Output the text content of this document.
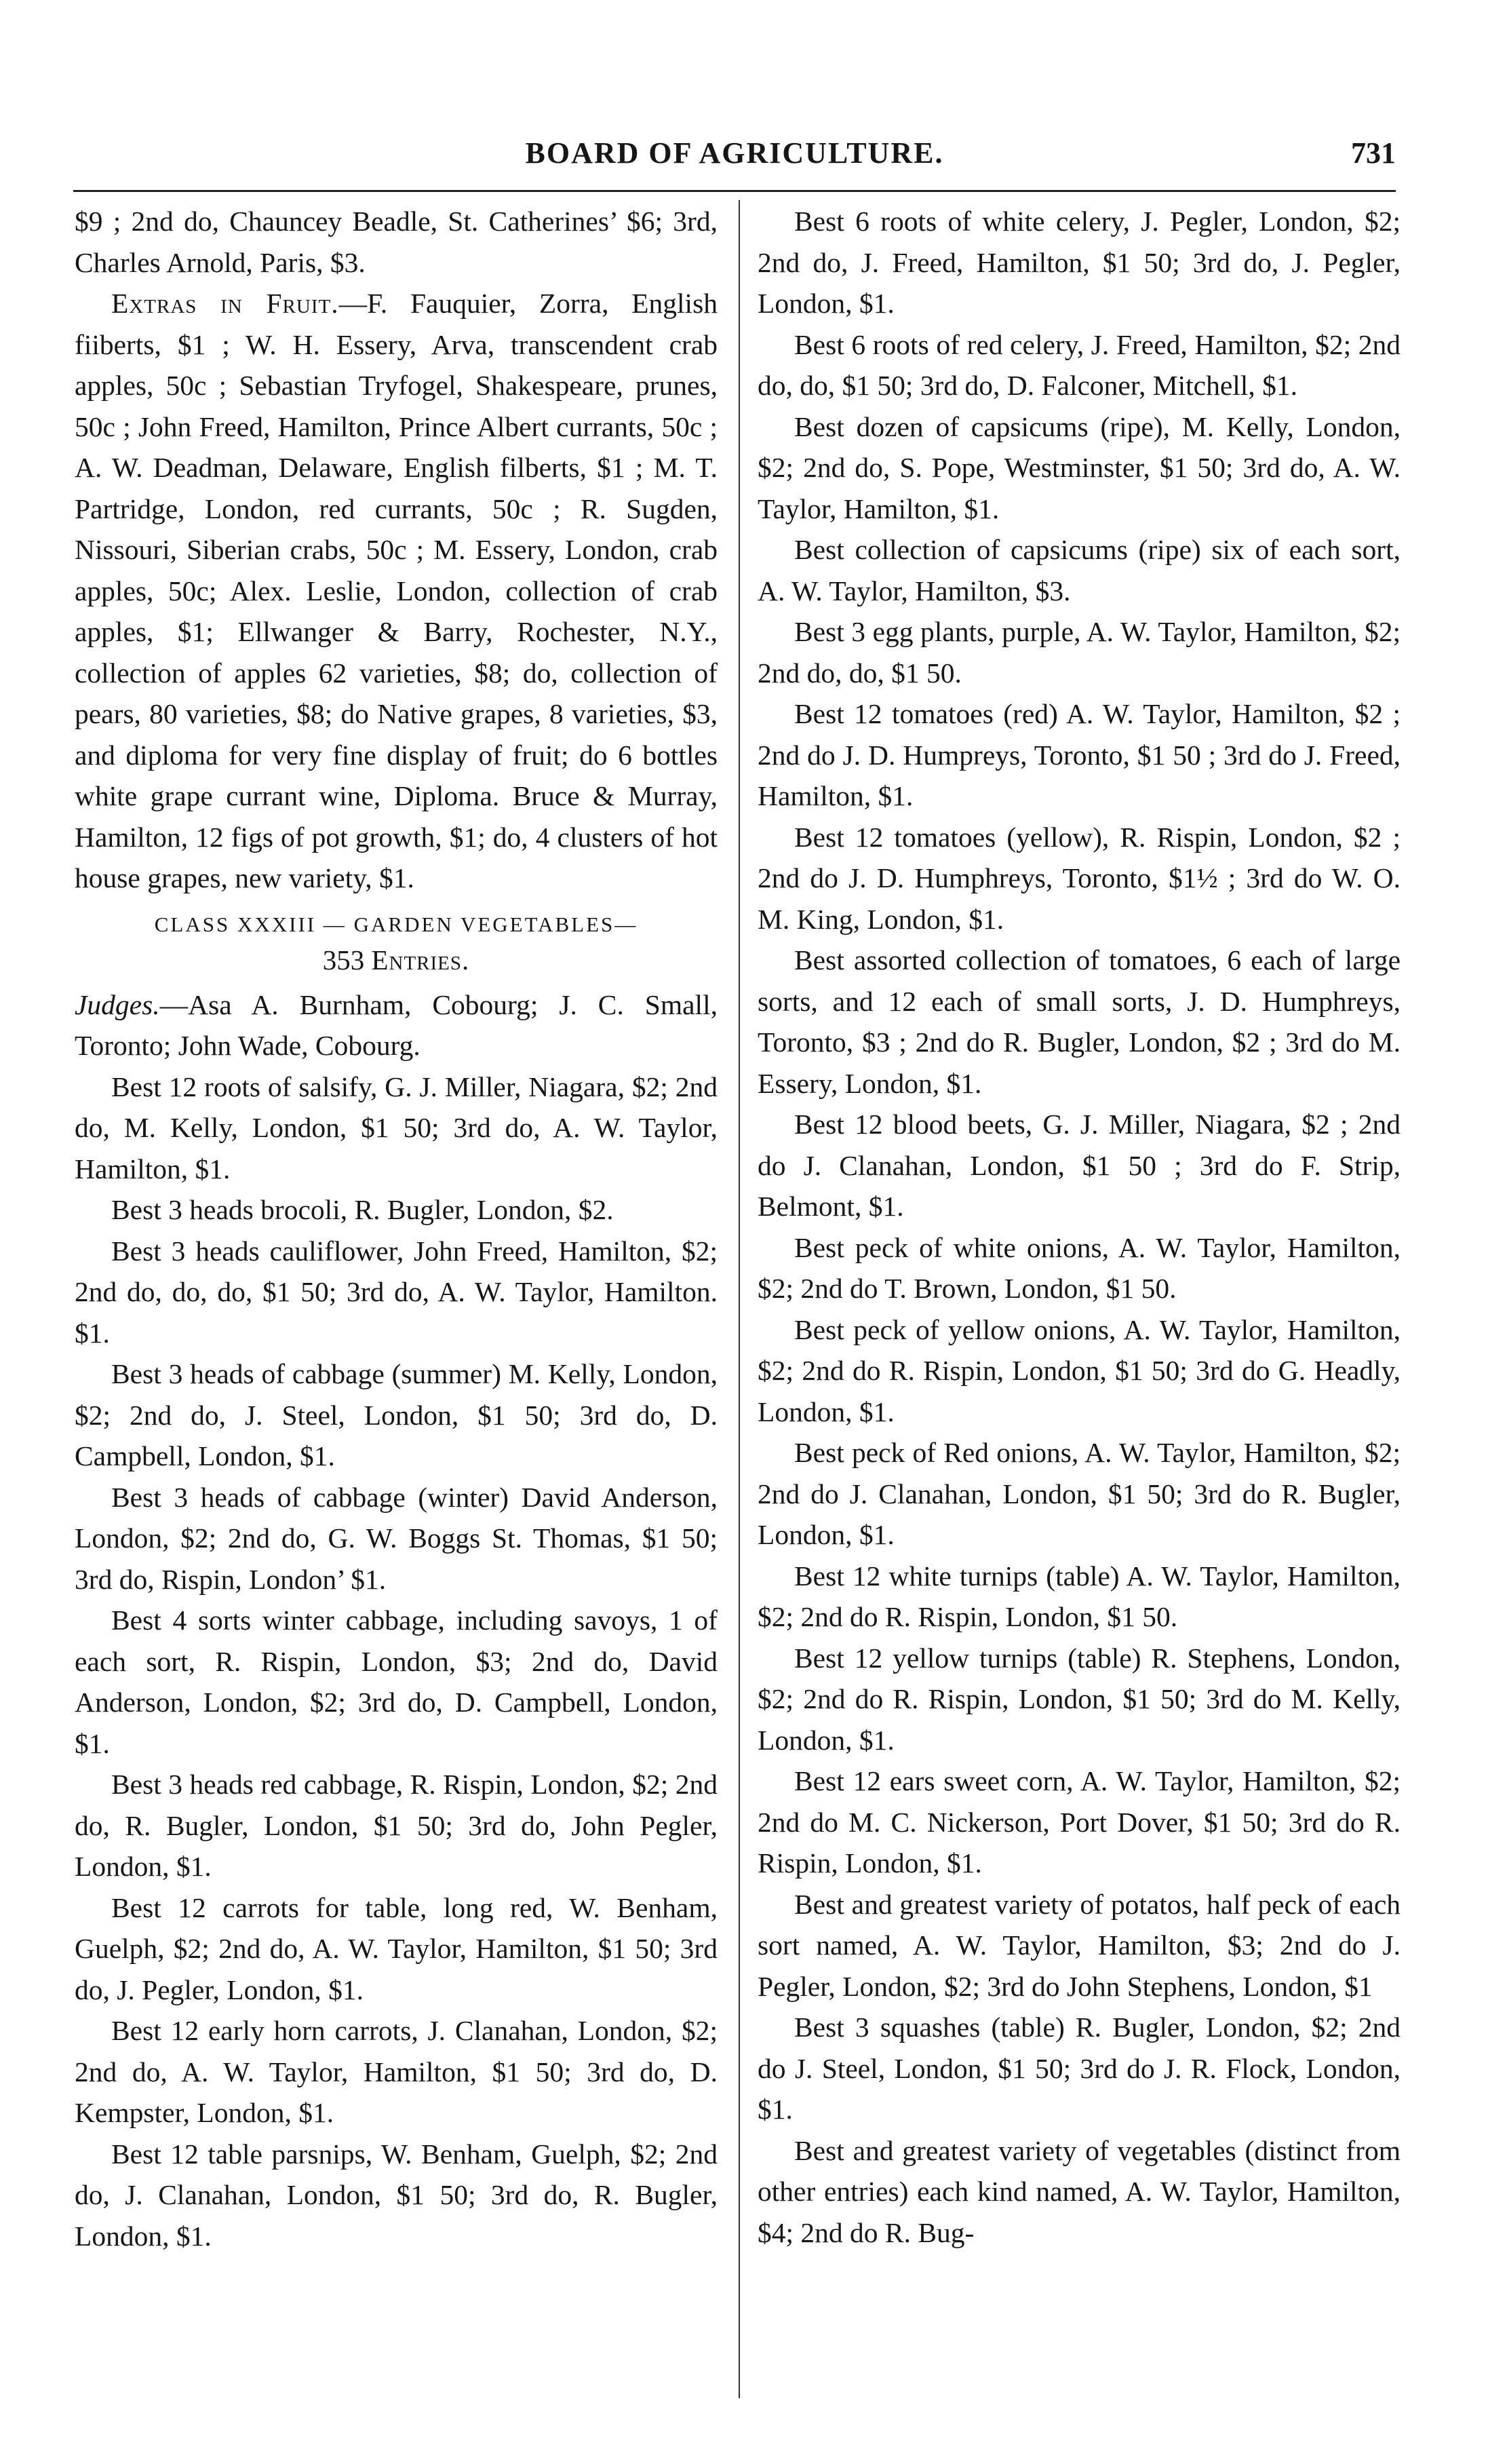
BOARD OF AGRICULTURE.	731

$9 ; 2nd do, Chauncey Beadle, St. Catherines’ $6; 3rd, Charles Arnold, Paris, $3.

Extras in Fruit.—F. Fauquier, Zorra, English fiiberts, $1 ; W. H. Essery, Arva, transcendent crab apples, 50c ; Sebastian Tryfogel, Shakespeare, prunes, 50c ; John Freed, Hamilton, Prince Albert currants, 50c ; A. W. Deadman, Delaware, English filberts, $1 ; M. T. Partridge, London, red currants, 50c ; R. Sugden, Nissouri, Siberian crabs, 50c ; M. Essery, London, crab apples, 50c; Alex. Leslie, London, collection of crab apples, $1; Ellwanger & Barry, Rochester, N.Y., collection of apples 62 varieties, $8; do, collection of pears, 80 varieties, $8; do Native grapes, 8 varieties, $3, and diploma for very fine display of fruit; do 6 bottles white grape currant wine, Diploma. Bruce & Murray, Hamilton, 12 figs of pot growth, $1; do, 4 clusters of hot house grapes, new variety, $1.

CLASS XXXIII — GARDEN VEGETABLES—
353 Entries.

Judges.—Asa A. Burnham, Cobourg; J. C. Small, Toronto; John Wade, Cobourg.

Best 12 roots of salsify, G. J. Miller, Niagara, $2; 2nd do, M. Kelly, London, $1 50; 3rd do, A. W. Taylor, Hamilton, $1.

Best 3 heads brocoli, R. Bugler, London, $2.

Best 3 heads cauliflower, John Freed, Hamilton, $2; 2nd do, do, do, $1 50; 3rd do, A. W. Taylor, Hamilton. $1.

Best 3 heads of cabbage (summer) M. Kelly, London, $2; 2nd do, J. Steel, London, $1 50; 3rd do, D. Campbell, London, $1.

Best 3 heads of cabbage (winter) David Anderson, London, $2; 2nd do, G. W. Boggs St. Thomas, $1 50; 3rd do, Rispin, London’ $1.

Best 4 sorts winter cabbage, including savoys, 1 of each sort, R. Rispin, London, $3; 2nd do, David Anderson, London, $2; 3rd do, D. Campbell, London, $1.

Best 3 heads red cabbage, R. Rispin, London, $2; 2nd do, R. Bugler, London, $1 50; 3rd do, John Pegler, London, $1.

Best 12 carrots for table, long red, W. Benham, Guelph, $2; 2nd do, A. W. Taylor, Hamilton, $1 50; 3rd do, J. Pegler, London, $1.

Best 12 early horn carrots, J. Clanahan, London, $2; 2nd do, A. W. Taylor, Hamilton, $1 50; 3rd do, D. Kempster, London, $1.

Best 12 table parsnips, W. Benham, Guelph, $2; 2nd do, J. Clanahan, London, $1 50; 3rd do, R. Bugler, London, $1.

Best 6 roots of white celery, J. Pegler, London, $2; 2nd do, J. Freed, Hamilton, $1 50; 3rd do, J. Pegler, London, $1.

Best 6 roots of red celery, J. Freed, Hamilton, $2; 2nd do, do, $1 50; 3rd do, D. Falconer, Mitchell, $1.

Best dozen of capsicums (ripe), M. Kelly, London, $2; 2nd do, S. Pope, Westminster, $1 50; 3rd do, A. W. Taylor, Hamilton, $1.

Best collection of capsicums (ripe) six of each sort, A. W. Taylor, Hamilton, $3.

Best 3 egg plants, purple, A. W. Taylor, Hamilton, $2; 2nd do, do, $1 50.

Best 12 tomatoes (red) A. W. Taylor, Hamilton, $2 ; 2nd do J. D. Humpreys, Toronto, $1 50 ; 3rd do J. Freed, Hamilton, $1.

Best 12 tomatoes (yellow), R. Rispin, London, $2 ; 2nd do J. D. Humphreys, Toronto, $1½ ; 3rd do W. O. M. King, London, $1.

Best assorted collection of tomatoes, 6 each of large sorts, and 12 each of small sorts, J. D. Humphreys, Toronto, $3 ; 2nd do R. Bugler, London, $2 ; 3rd do M. Essery, London, $1.

Best 12 blood beets, G. J. Miller, Niagara, $2 ; 2nd do J. Clanahan, London, $1 50 ; 3rd do F. Strip, Belmont, $1.

Best peck of white onions, A. W. Taylor, Hamilton, $2; 2nd do T. Brown, London, $1 50.

Best peck of yellow onions, A. W. Taylor, Hamilton, $2; 2nd do R. Rispin, London, $1 50; 3rd do G. Headly, London, $1.

Best peck of Red onions, A. W. Taylor, Hamilton, $2; 2nd do J. Clanahan, London, $1 50; 3rd do R. Bugler, London, $1.

Best 12 white turnips (table) A. W. Taylor, Hamilton, $2; 2nd do R. Rispin, London, $1 50.

Best 12 yellow turnips (table) R. Stephens, London, $2; 2nd do R. Rispin, London, $1 50; 3rd do M. Kelly, London, $1.

Best 12 ears sweet corn, A. W. Taylor, Hamilton, $2; 2nd do M. C. Nickerson, Port Dover, $1 50; 3rd do R. Rispin, London, $1.

Best and greatest variety of potatos, half peck of each sort named, A. W. Taylor, Hamilton, $3; 2nd do J. Pegler, London, $2; 3rd do John Stephens, London, $1

Best 3 squashes (table) R. Bugler, London, $2; 2nd do J. Steel, London, $1 50; 3rd do J. R. Flock, London, $1.

Best and greatest variety of vegetables (distinct from other entries) each kind named, A. W. Taylor, Hamilton, $4; 2nd do R. Bug-
